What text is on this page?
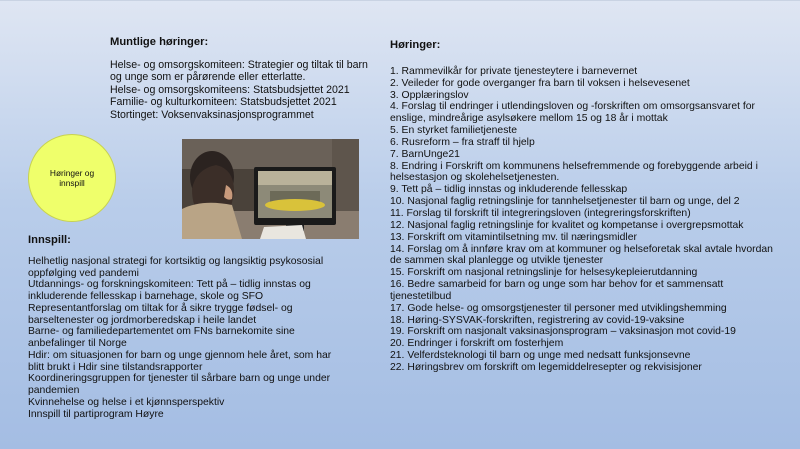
Muntlige høringer:
Helse- og omsorgskomiteen: Strategier og tiltak til barn og unge som er pårørende eller etterlatte.
Helse- og omsorgskomiteens: Statsbudsjettet 2021
Familie- og kulturkomiteen: Statsbudsjettet 2021
Stortinget: Voksenvaksinasjonsprogrammet
Høringer og innspill
Innspill:
Helhetlig nasjonal strategi for kortsiktig og langsiktig psykososial oppfølging ved pandemi
Utdannings- og forskningskomiteen: Tett på – tidlig innstas og inkluderende fellesskap i barnehage, skole og SFO
Representantforslag om tiltak for å sikre trygge fødsel- og barseltenester og jordmorberedskap i heile landet
Barne- og familiedepartementet om FNs barnekomite sine anbefalinger til Norge
Hdir: om situasjonen for barn og unge gjennom hele året, som har blitt brukt i Hdir sine tilstandsrapporter
Koordineringsgruppen for tjenester til sårbare barn og unge under pandemien
Kvinnehelse og helse i et kjønnsperspektiv
Innspill til partiprogram Høyre
Høringer:
1. Rammevilkår for private tjenesteytere i barnevernet
2. Veileder for gode overganger fra barn til voksen i helsevesenet
3. Opplæringslov
4. Forslag til endringer i utlendingsloven og -forskriften om omsorgsansvaret for enslige, mindreårige asylsøkere mellom 15 og 18 år i mottak
5. En styrket familietjeneste
6. Rusreform – fra straff til hjelp
7. BarnUnge21
8. Endring i Forskrift om kommunens helsefremmende og forebyggende arbeid i helsestasjon og skolehelsetjenesten.
9. Tett på – tidlig innstas og inkluderende fellesskap
10. Nasjonal faglig retningslinje for tannhelsetjenester til barn og unge, del 2
11. Forslag til forskrift til integreringsloven (integreringsforskriften)
12. Nasjonal faglig retningslinje for kvalitet og kompetanse i overgrepsmottak
13. Forskrift om vitamintilsetning mv. til næringsmidler
14. Forslag om å innføre krav om at kommuner og helseforetak skal avtale hvordan de sammen skal planlegge og utvikle tjenester
15. Forskrift om nasjonal retningslinje for helsesykepleierutdanning
16. Bedre samarbeid for barn og unge som har behov for et sammensatt tjenestetilbud
17. Gode helse- og omsorgstjenester til personer med utviklingshemming
18. Høring-SYSVAK-forskriften, registrering av covid-19-vaksine
19. Forskrift om nasjonalt vaksinasjonsprogram – vaksinasjon mot covid-19
20. Endringer i forskrift om fosterhjem
21. Velferdsteknologi til barn og unge med nedsatt funksjonsevne
22. Høringsbrev om forskrift om legemiddelresepter og rekvisisjoner
